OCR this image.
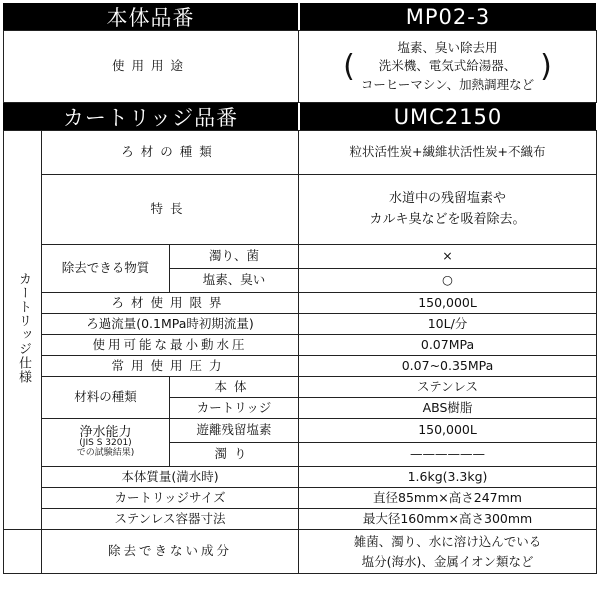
本体品番	MP02-3
使用用途	(
塩素、臭い除去用
洗米機、電気式給湯器、
コーヒーマシン、加熱調理など
)
カートリッジ品番	UMC2150
カートリッジ仕様	ろ材の種類		粒状活性炭+繊維状活性炭+不織布
	特長		水道中の残留塩素や
カルキ臭などを吸着除去。

	除去できる物質	濁り、菌	×
		塩素、臭い	○
	ろ材使用限界		150,000L
	ろ過流量(0.1MPa時初期流量)		10L/分
	使用可能な最小動水圧		0.07MPa
	常用使用圧力		0.07~0.35MPa
	材料の種類	本体	ステンレス
		カートリッジ	ABS樹脂

	浄水能力
(JIS S 3201)
での試験結果)	遊離残留塩素	150,000L
		濁り	——————
	本体質量(満水時)		1.6kg(3.3kg)
	カートリッジサイズ		直径85mm×高さ247mm
	ステンレス容器寸法		最大径160mm×高さ300mm
	除去できない成分		雑菌、濁り、水に溶け込んでいる
塩分(海水)、金属イオン類など
